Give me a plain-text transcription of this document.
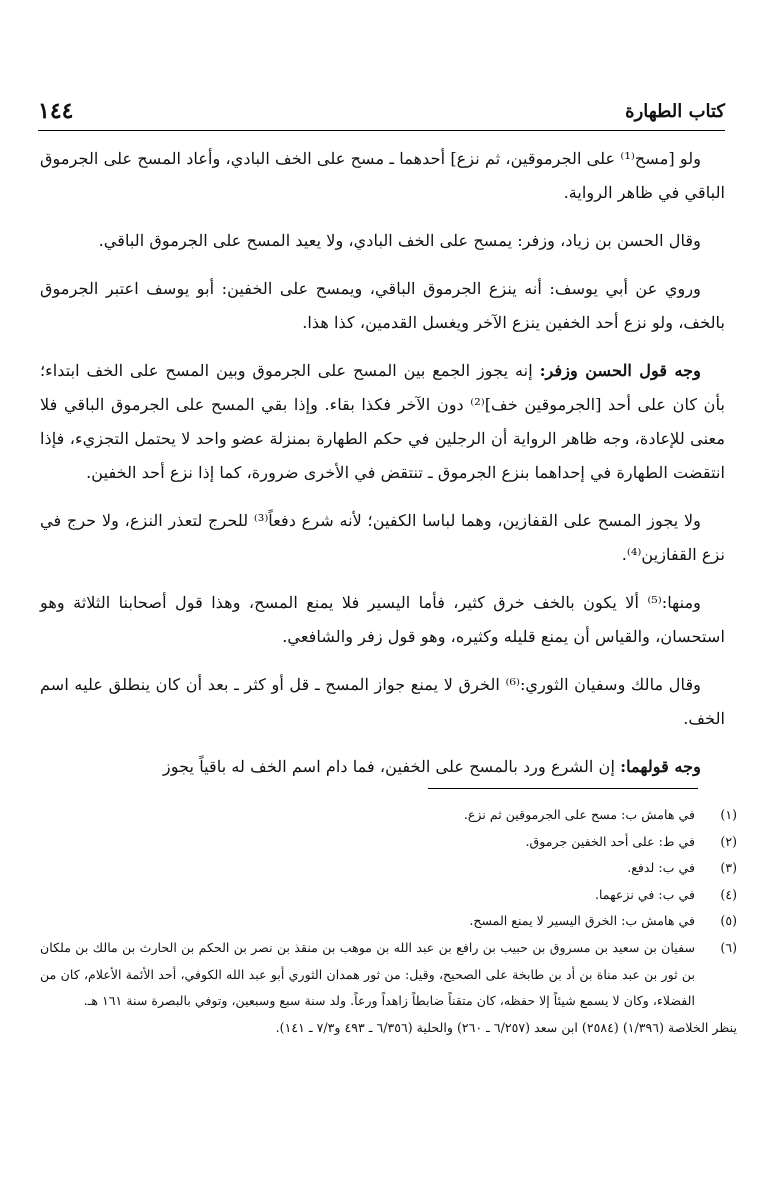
كتاب الطهارة
١٤٤

ولو [مسح⁽¹⁾ على الجرموقين، ثم نزع] أحدهما ـ مسح على الخف البادي، وأعاد المسح على الجرموق الباقي في ظاهر الرواية.

وقال الحسن بن زياد، وزفر: يمسح على الخف البادي، ولا يعيد المسح على الجرموق الباقي.

وروي عن أبي يوسف: أنه ينزع الجرموق الباقي، ويمسح على الخفين: أبو يوسف اعتبر الجرموق بالخف، ولو نزع أحد الخفين ينزع الآخر ويغسل القدمين، كذا هذا.

وجه قول الحسن وزفر: إنه يجوز الجمع بين المسح على الجرموق وبين المسح على الخف ابتداء؛ بأن كان على أحد [الجرموقين خف]⁽²⁾ دون الآخر فكذا بقاء. وإذا بقي المسح على الجرموق الباقي فلا معنى للإعادة، وجه ظاهر الرواية أن الرجلين في حكم الطهارة بمنزلة عضو واحد لا يحتمل التجزيء، فإذا انتقضت الطهارة في إحداهما بنزع الجرموق ـ تنتقض في الأخرى ضرورة، كما إذا نزع أحد الخفين.

ولا يجوز المسح على القفازين، وهما لباسا الكفين؛ لأنه شرع دفعاً⁽³⁾ للحرج لتعذر النزع، ولا حرج في نزع القفازين⁽⁴⁾.

ومنها:⁽⁵⁾ ألا يكون بالخف خرق كثير، فأما اليسير فلا يمنع المسح، وهذا قول أصحابنا الثلاثة وهو استحسان، والقياس أن يمنع قليله وكثيره، وهو قول زفر والشافعي.

وقال مالك وسفيان الثوري:⁽⁶⁾ الخرق لا يمنع جواز المسح ـ قل أو كثر ـ بعد أن كان ينطلق عليه اسم الخف.

وجه قولهما: إن الشرع ورد بالمسح على الخفين، فما دام اسم الخف له باقياً يجوز

(١)
في هامش ب: مسح على الجرموقين ثم نزع.
(٢)
في ط: على أحد الخفين جرموق.
(٣)
في ب: لدفع.
(٤)
في ب: في نزعهما.
(٥)
في هامش ب: الخرق اليسير لا يمنع المسح.
(٦)
سفيان بن سعيد بن مسروق بن حبيب بن رافع بن عبد الله بن موهب بن منقذ بن نصر بن الحكم بن الحارث بن مالك بن ملكان بن ثور بن عبد مناة بن أد بن طابخة على الصحيح، وقيل: من ثور همدان الثوري أبو عبد الله الكوفي، أحد الأئمة الأعلام، كان من الفضلاء، وكان لا يسمع شيئاً إلا حفظه، كان متقناً ضابطاً زاهداً ورعاً. ولد سنة سبع وسبعين، وتوفي بالبصرة سنة ١٦١ هـ.
ينظر الخلاصة (١/٣٩٦) (٢٥٨٤) ابن سعد (٦/٢٥٧ ـ ٢٦٠) والحلية (٦/٣٥٦ ـ ٤٩٣ و٧/٣ ـ ١٤١).
